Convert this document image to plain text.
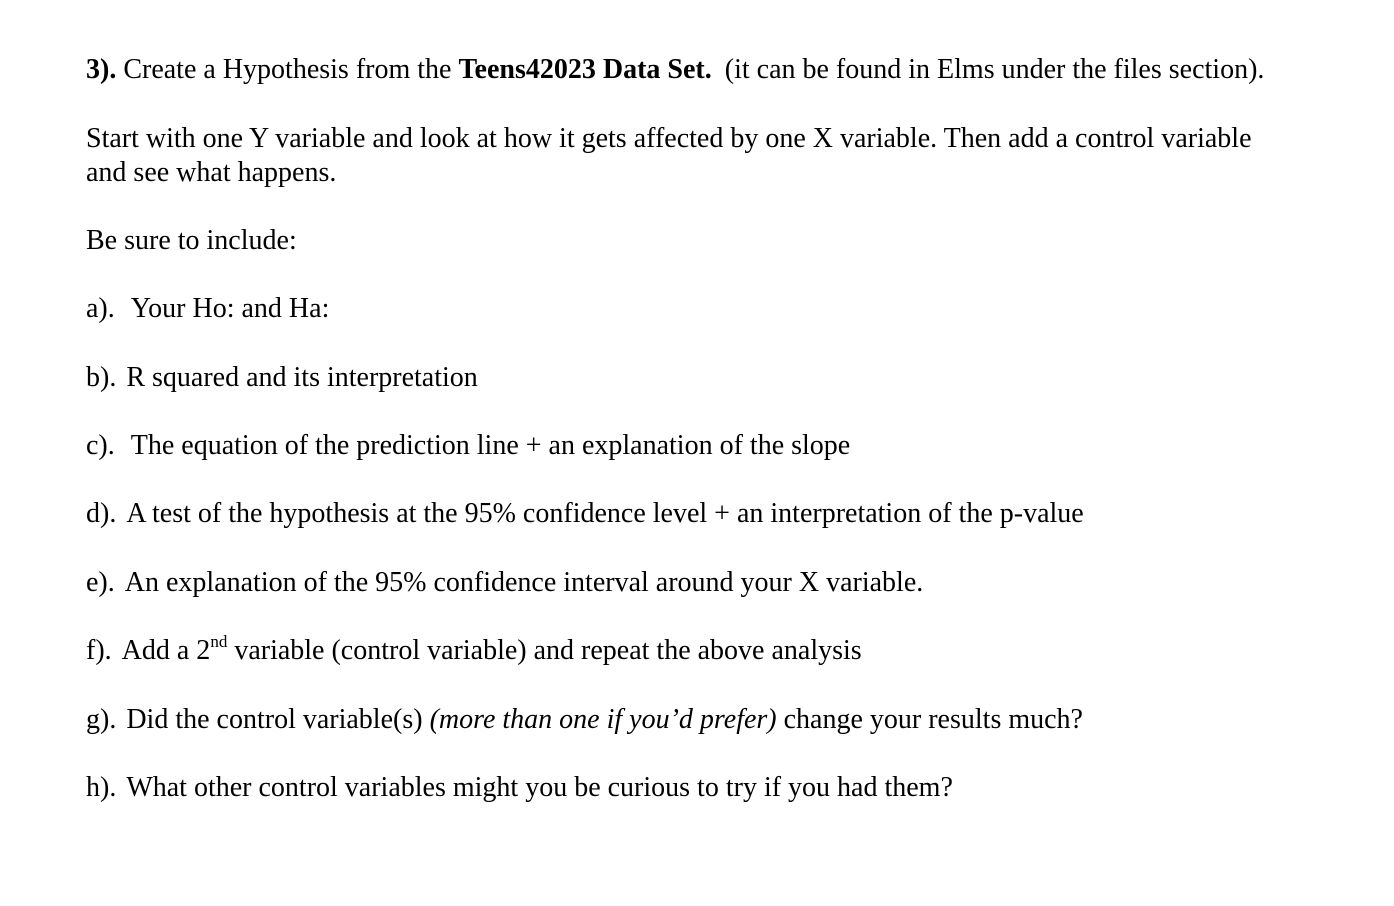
3). Create a Hypothesis from the Teens42023 Data Set. (it can be found in Elms under the files section).
Start with one Y variable and look at how it gets affected by one X variable. Then add a control variable
and see what happens.
Be sure to include:
a). Your Ho: and Ha:
b). R squared and its interpretation
c). The equation of the prediction line + an explanation of the slope
d). A test of the hypothesis at the 95% confidence level + an interpretation of the p-value
e). An explanation of the 95% confidence interval around your X variable.
f). Add a 2nd variable (control variable) and repeat the above analysis
g). Did the control variable(s) (more than one if you’d prefer) change your results much?
h). What other control variables might you be curious to try if you had them?
